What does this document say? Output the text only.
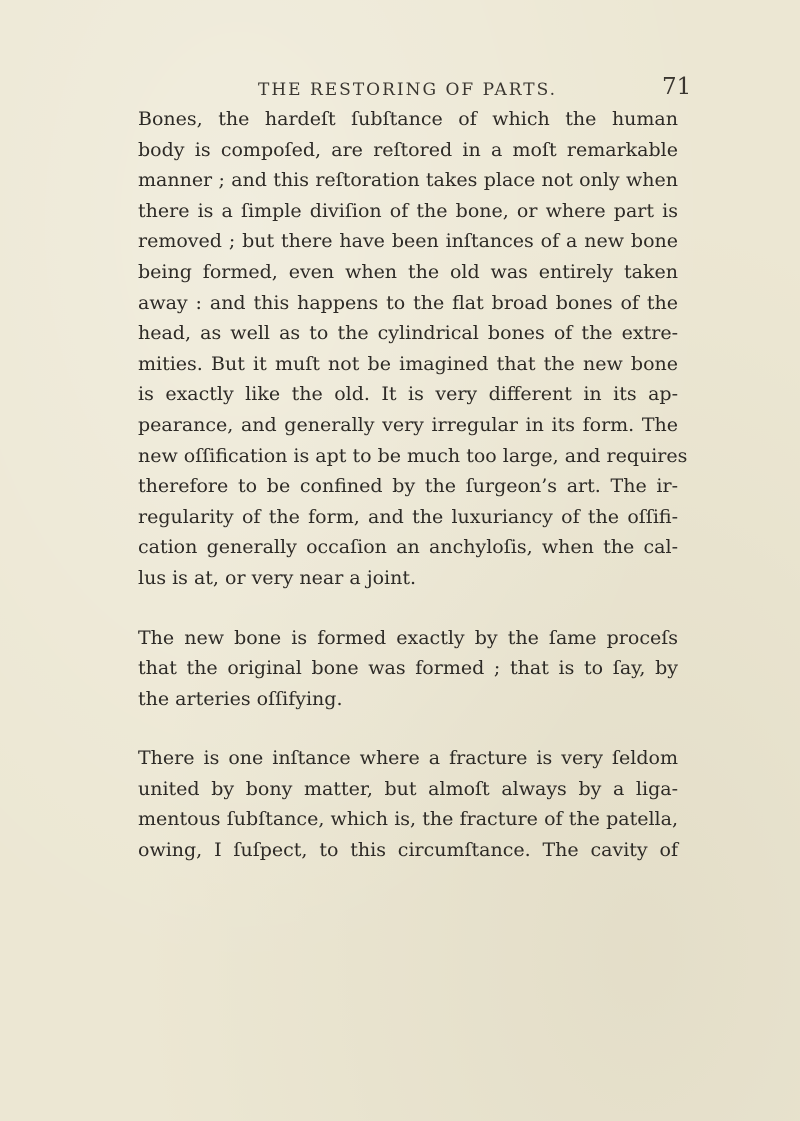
THE RESTORING OF PARTS.	71
Bones, the hardeſt ſubſtance of which the human
body is compoſed, are reſtored in a moſt remarkable
manner ; and this reſtoration takes place not only when
there is a ſimple diviſion of the bone, or where part is
removed ; but there have been inſtances of a new bone
being formed, even when the old was entirely taken
away : and this happens to the flat broad bones of the
head, as well as to the cylindrical bones of the extre-
mities. But it muſt not be imagined that the new bone
is exactly like the old. It is very different in its ap-
pearance, and generally very irregular in its form. The
new oſſification is apt to be much too large, and requires
therefore to be confined by the ſurgeon’s art. The ir-
regularity of the form, and the luxuriancy of the oſſifi-
cation generally occaſion an anchyloſis, when the cal-
lus is at, or very near a joint.
The new bone is formed exactly by the ſame proceſs
that the original bone was formed ; that is to ſay, by
the arteries oſſifying.
There is one inſtance where a fracture is very ſeldom
united by bony matter, but almoſt always by a liga-
mentous ſubſtance, which is, the fracture of the patella,
owing, I ſuſpect, to this circumſtance. The cavity of
